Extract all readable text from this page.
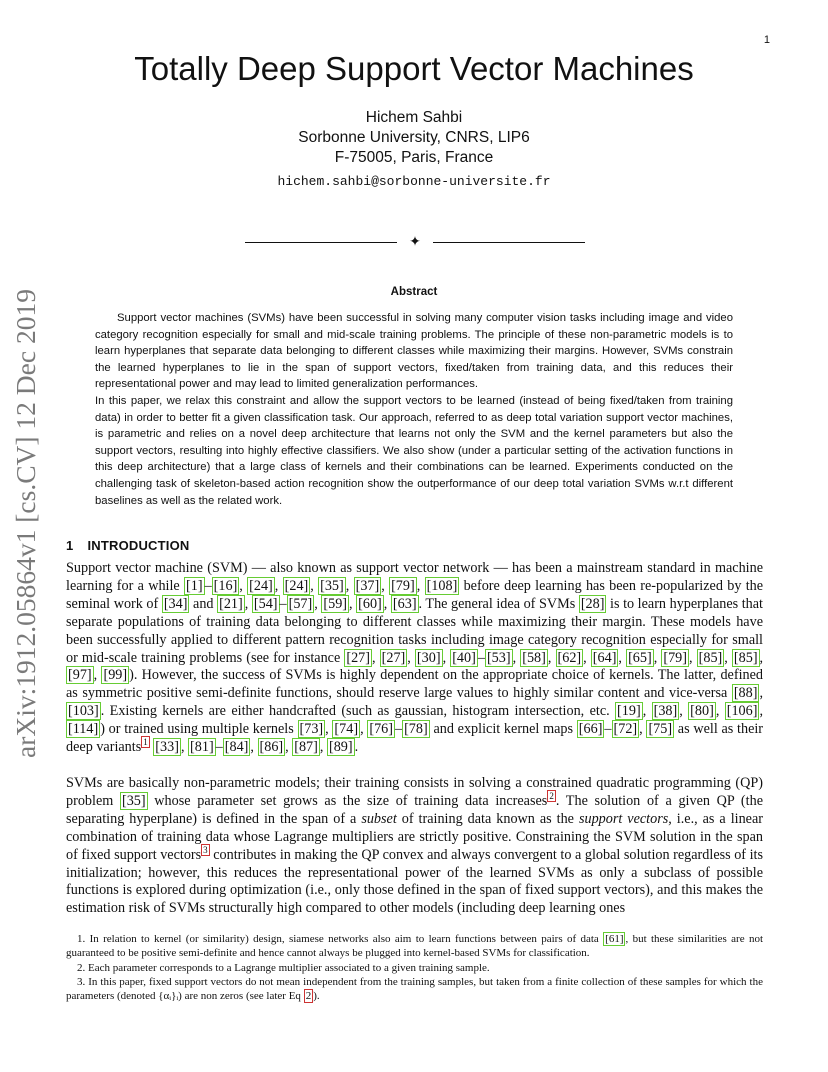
1
arXiv:1912.05864v1 [cs.CV] 12 Dec 2019
Totally Deep Support Vector Machines
Hichem Sahbi
Sorbonne University, CNRS, LIP6
F-75005, Paris, France
hichem.sahbi@sorbonne-universite.fr
✦
Abstract

Support vector machines (SVMs) have been successful in solving many computer vision tasks including image and video category recognition especially for small and mid-scale training problems. The principle of these non-parametric models is to learn hyperplanes that separate data belonging to different classes while maximizing their margins. However, SVMs constrain the learned hyperplanes to lie in the span of support vectors, fixed/taken from training data, and this reduces their representational power and may lead to limited generalization performances.

In this paper, we relax this constraint and allow the support vectors to be learned (instead of being fixed/taken from training data) in order to better fit a given classification task. Our approach, referred to as deep total variation support vector machines, is parametric and relies on a novel deep architecture that learns not only the SVM and the kernel parameters but also the support vectors, resulting into highly effective classifiers. We also show (under a particular setting of the activation functions in this deep architecture) that a large class of kernels and their combinations can be learned. Experiments conducted on the challenging task of skeleton-based action recognition show the outperformance of our deep total variation SVMs w.r.t different baselines as well as the related work.

1 INTRODUCTION

Support vector machine (SVM) — also known as support vector network — has been a mainstream standard in machine learning for a while [1] – [16] , [24] , [24] , [35] , [37] , [79] , [108] before deep learning has been re-popularized by the seminal work of [34] and [21] , [54] – [57] , [59] , [60] , [63] . The general idea of SVMs [28] is to learn hyperplanes that separate populations of training data belonging to different classes while maximizing their margin. These models have been successfully applied to different pattern recognition tasks including image category recognition especially for small or mid-scale training problems (see for instance [27] , [27] , [30] , [40] – [53] , [58] , [62] , [64] , [65] , [79] , [85] , [85] , [97] , [99] ). However, the success of SVMs is highly dependent on the appropriate choice of kernels. The latter, defined as symmetric positive semi-definite functions, should reserve large values to highly similar content and vice-versa [88] , [103] . Existing kernels are either handcrafted (such as gaussian, histogram intersection, etc. [19] , [38] , [80] , [106] , [114] ) or trained using multiple kernels [73] , [74] , [76] – [78] and explicit kernel maps [66] – [72] , [75] as well as their deep variants $^1$ [33] , [81] – [84] , [86] , [87] , [89] .

SVMs are basically non-parametric models; their training consists in solving a constrained quadratic programming (QP) problem [35] whose parameter set grows as the size of training data increases $^2$ . The solution of a given QP (the separating hyperplane) is defined in the span of a subset of training data known as the support vectors, i.e., as a linear combination of training data whose Lagrange multipliers are strictly positive. Constraining the SVM solution in the span of fixed support vectors $^3$ contributes in making the QP convex and always convergent to a global solution regardless of its initialization; however, this reduces the representational power of the learned SVMs as only a subclass of possible functions is explored during optimization (i.e., only those defined in the span of fixed support vectors), and this makes the estimation risk of SVMs structurally high compared to other models (including deep learning ones

1. In relation to kernel (or similarity) design, siamese networks also aim to learn functions between pairs of data [61] , but these similarities are not guaranteed to be positive semi-definite and hence cannot always be plugged into kernel-based SVMs for classification.

2. Each parameter corresponds to a Lagrange multiplier associated to a given training sample.

3. In this paper, fixed support vectors do not mean independent from the training samples, but taken from a finite collection of these samples for which the parameters (denoted {αᵢ}ᵢ) are non zeros (see later Eq 2 ).
